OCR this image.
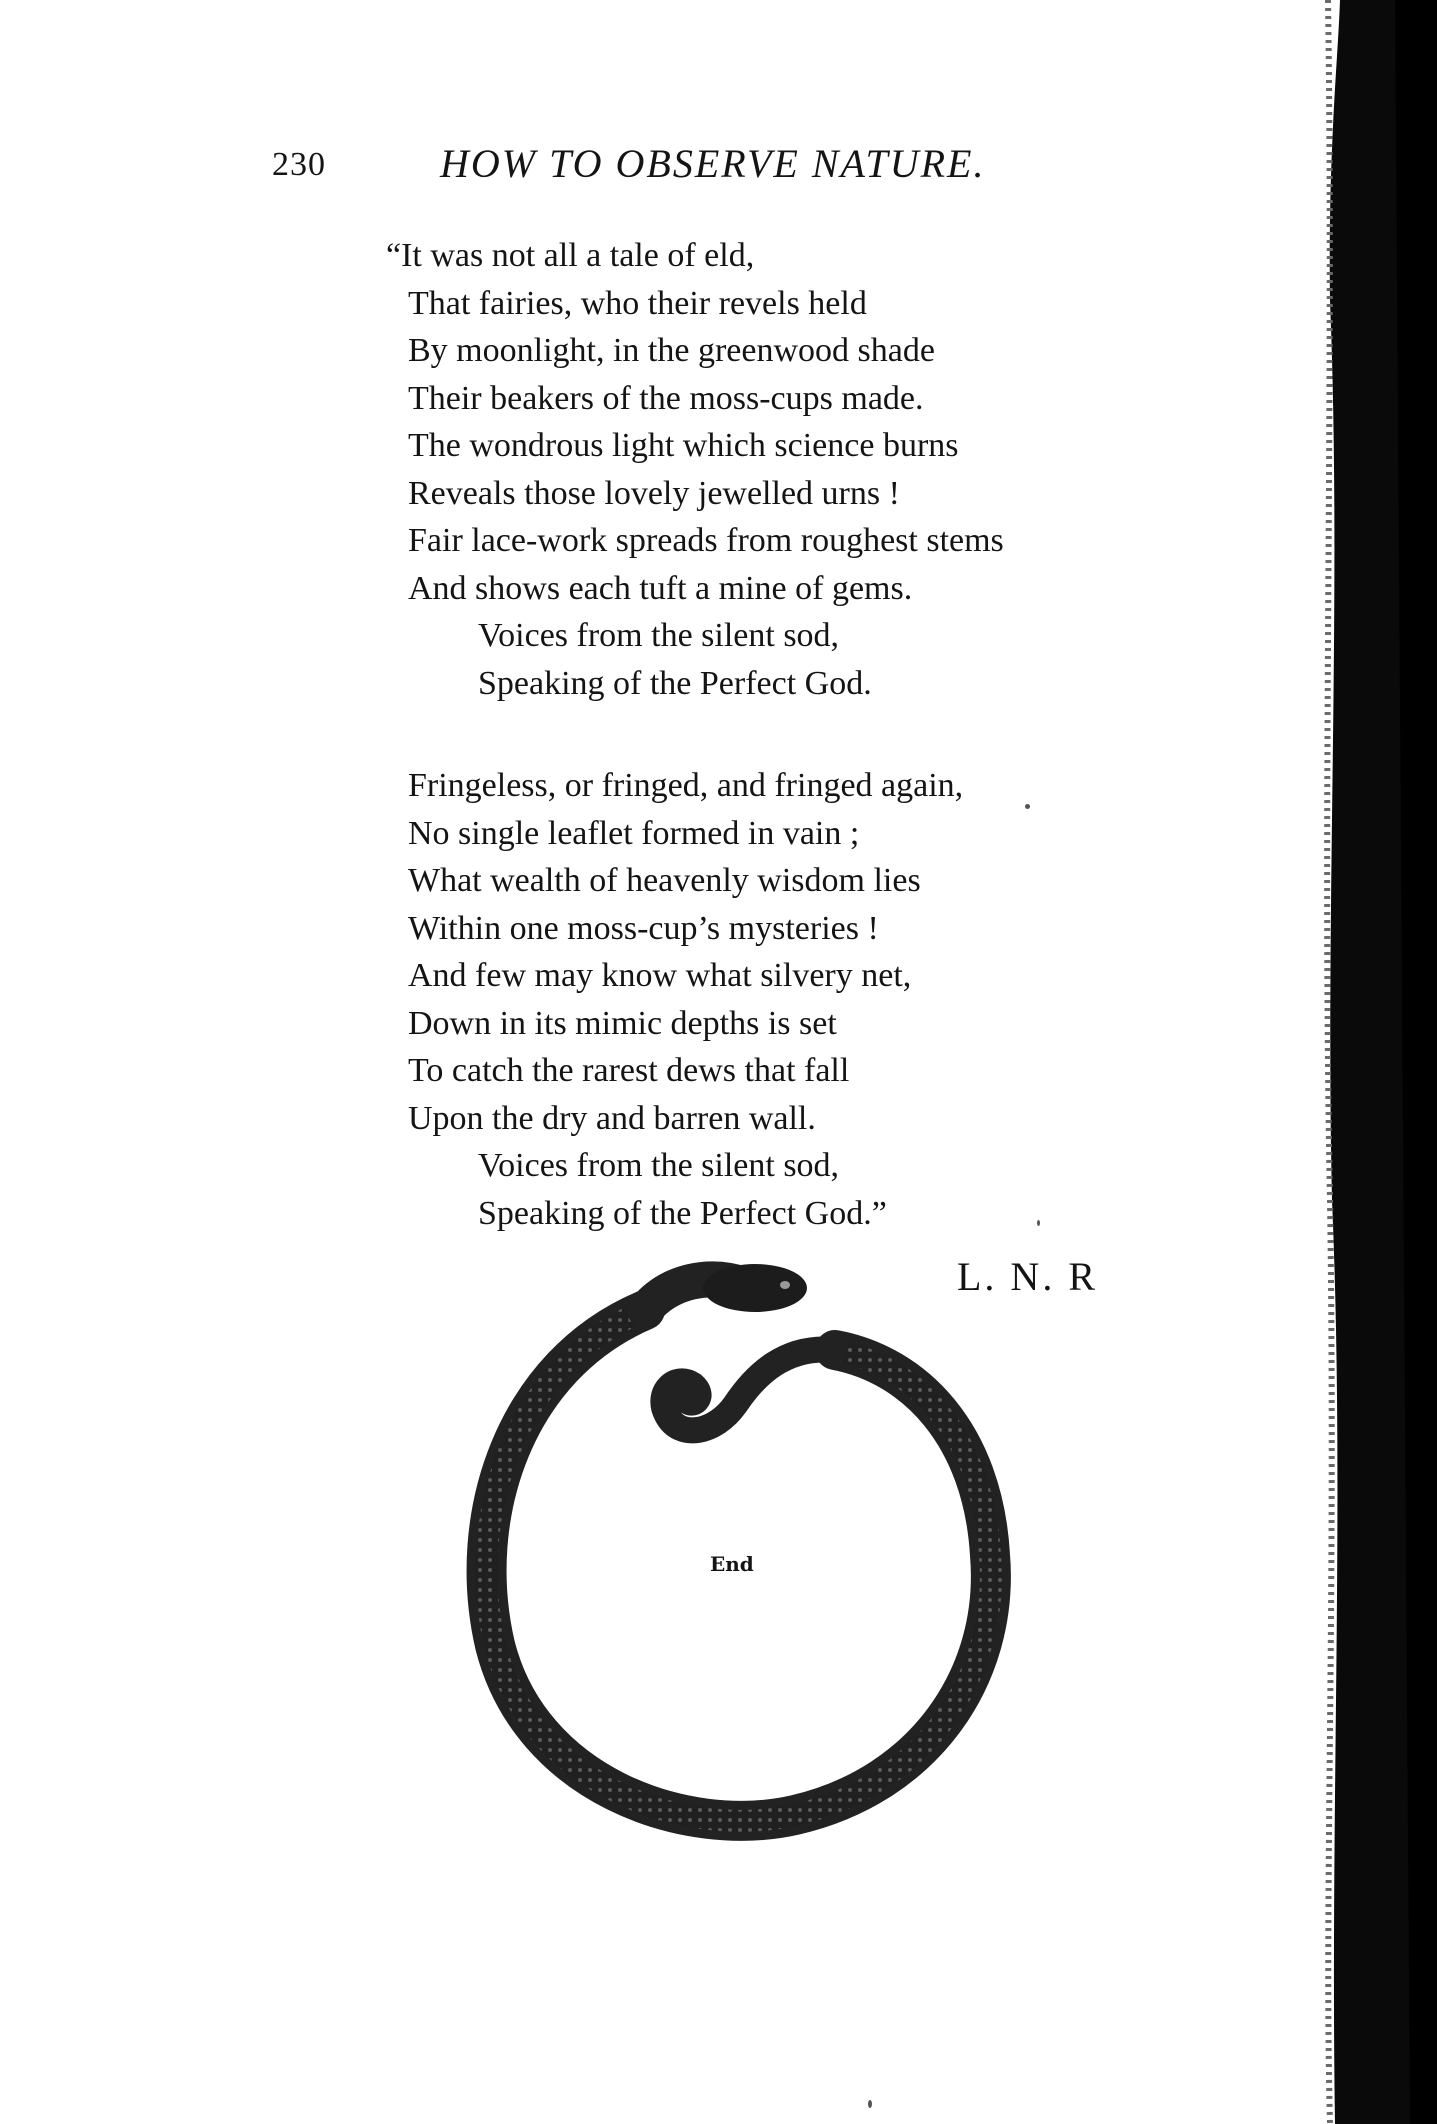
230	HOW TO OBSERVE NATURE.
“It was not all a tale of eld,
That fairies, who their revels held
By moonlight, in the greenwood shade
Their beakers of the moss-cups made.
The wondrous light which science burns
Reveals those lovely jewelled urns !
Fair lace-work spreads from roughest stems
And shows each tuft a mine of gems.
Voices from the silent sod,
Speaking of the Perfect God.
Fringeless, or fringed, and fringed again,
No single leaflet formed in vain ;
What wealth of heavenly wisdom lies
Within one moss-cup’s mysteries !
And few may know what silvery net,
Down in its mimic depths is set
To catch the rarest dews that fall
Upon the dry and barren wall.
Voices from the silent sod,
Speaking of the Perfect God.”
L. N. R
End
